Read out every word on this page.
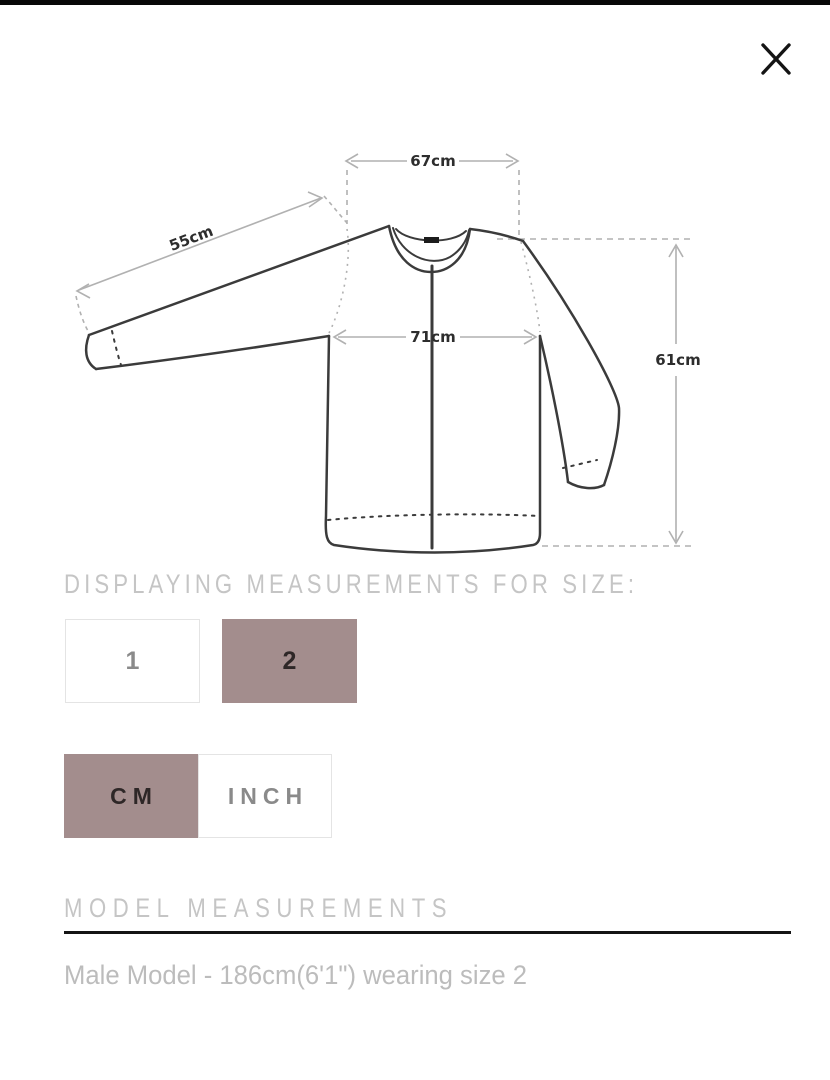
67cm
55cm
71cm
61cm
DISPLAYING MEASUREMENTS FOR SIZE:
1	2
CM	INCH
MODEL MEASUREMENTS
Male Model - 186cm(6'1") wearing size 2
